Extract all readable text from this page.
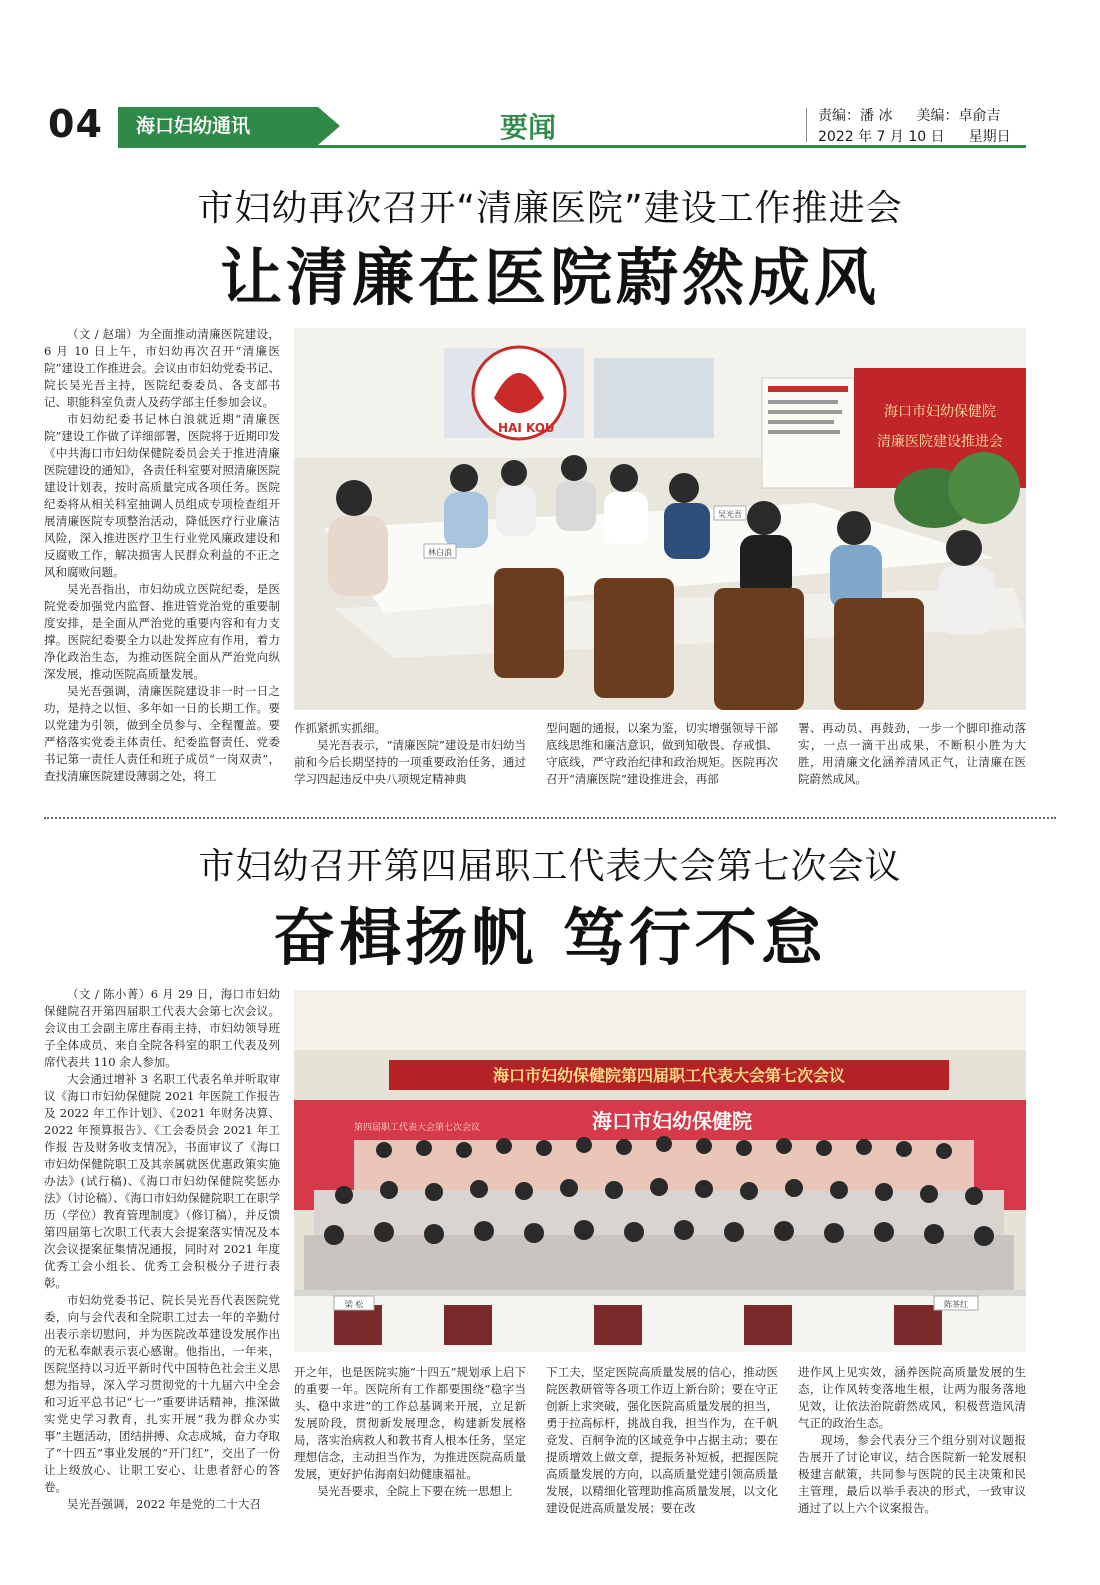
04	海口妇幼通讯	要闻	责编：潘 冰 美编：卓俞吉
2022 年 7 月 10 日 星期日
市妇幼再次召开“清廉医院”建设工作推进会
让清廉在医院蔚然成风

（文 / 赵瑞）为全面推动清廉医院建设，6 月 10 日上午，市妇幼再次召开“清廉医院”建设工作推进会。会议由市妇幼党委书记、院长吴光吾主持，医院纪委委员、各支部书记、职能科室负责人及药学部主任参加会议。

市妇幼纪委书记林白浪就近期“清廉医院”建设工作做了详细部署，医院将于近期印发《中共海口市妇幼保健院委员会关于推进清廉医院建设的通知》，各责任科室要对照清廉医院建设计划表，按时高质量完成各项任务。医院纪委将从相关科室抽调人员组成专项检查组开展清廉医院专项整治活动，降低医疗行业廉洁风险，深入推进医疗卫生行业党风廉政建设和反腐败工作，解决损害人民群众利益的不正之风和腐败问题。

吴光吾指出，市妇幼成立医院纪委，是医院党委加强党内监督、推进管党治党的重要制度安排，是全面从严治党的重要内容和有力支撑。医院纪委要全力以赴发挥应有作用，着力净化政治生态，为推动医院全面从严治党向纵深发展，推动医院高质量发展。

吴光吾强调，清廉医院建设非一时一日之功，是持之以恒、多年如一日的长期工作。要以党建为引领，做到全员参与、全程覆盖。要严格落实党委主体责任、纪委监督责任、党委书记第一责任人责任和班子成员“一岗双责”，查找清廉医院建设薄弱之处，将工

HAI KOU
海口市妇幼保健院
清廉医院建设推进会
林白浪
吴光吾

作抓紧抓实抓细。

吴光吾表示，“清廉医院”建设是市妇幼当前和今后长期坚持的一项重要政治任务，通过学习四起违反中央八项规定精神典

型问题的通报，以案为鉴，切实增强领导干部底线思维和廉洁意识，做到知敬畏、存戒惧、守底线，严守政治纪律和政治规矩。医院再次召开“清廉医院”建设推进会，再部

署、再动员、再鼓劲，一步一个脚印推动落实，一点一滴干出成果，不断积小胜为大胜，用清廉文化涵养清风正气，让清廉在医院蔚然成风。

市妇幼召开第四届职工代表大会第七次会议
奋楫扬帆 笃行不怠

（文 / 陈小菁）6 月 29 日，海口市妇幼保健院召开第四届职工代表大会第七次会议。会议由工会副主席庄春雨主持，市妇幼领导班子全体成员、来自全院各科室的职工代表及列席代表共 110 余人参加。

大会通过增补 3 名职工代表名单并听取审议《海口市妇幼保健院 2021 年医院工作报告及 2022 年工作计划》、《2021 年财务决算、2022 年预算报告》、《工会委员会 2021 年工作报 告及财务收支情况》，书面审议了《海口市妇幼保健院职工及其亲属就医优惠政策实施办法》(试行稿)、《海口市妇幼保健院奖惩办法》（讨论稿）、《海口市妇幼保健院职工在职学历（学位）教育管理制度》（修订稿），并反馈第四届第七次职工代表大会提案落实情况及本次会议提案征集情况通报，同时对 2021 年度优秀工会小组长、优秀工会积极分子进行表彰。

市妇幼党委书记、院长吴光吾代表医院党委，向与会代表和全院职工过去一年的辛勤付出表示亲切慰问，并为医院改革建设发展作出的无私奉献表示衷心感谢。他指出，一年来，医院坚持以习近平新时代中国特色社会主义思想为指导，深入学习贯彻党的十九届六中全会和习近平总书记“七一”重要讲话精神，推深做实党史学习教育，扎实开展“我为群众办实事”主题活动，团结拼搏、众志成城，奋力夺取了“十四五”事业发展的“开门红”，交出了一份让上级放心、让职工安心、让患者舒心的答卷。

吴光吾强调，2022 年是党的二十大召

海口市妇幼保健院第四届职工代表大会第七次会议
海口市妇幼保健院
第四届职工代表大会第七次会议
梁 松	陈茶红

开之年，也是医院实施“十四五”规划承上启下的重要一年。医院所有工作都要围绕“稳字当头、稳中求进”的工作总基调来开展，立足新发展阶段，贯彻新发展理念，构建新发展格局，落实治病救人和教书育人根本任务，坚定理想信念，主动担当作为，为推进医院高质量发展，更好护佑海南妇幼健康福祉。

吴光吾要求，全院上下要在统一思想上

下工夫，坚定医院高质量发展的信心，推动医院医教研管等各项工作迈上新台阶；要在守正创新上求突破，强化医院高质量发展的担当，勇于拉高标杆，挑战自我，担当作为，在千帆竞发、百舸争流的区域竞争中占据主动；要在提质增效上做文章，提振务补短板，把握医院高质量发展的方向，以高质量党建引领高质量发展，以精细化管理助推高质量发展，以文化建设促进高质量发展；要在改

进作风上见实效，涵养医院高质量发展的生态，让作风转变落地生根，让两为服务落地见效，让依法治院蔚然成风，积极营造风清气正的政治生态。

现场，参会代表分三个组分别对议题报告展开了讨论审议，结合医院新一轮发展积极建言献策，共同参与医院的民主决策和民主管理，最后以举手表决的形式，一致审议通过了以上六个议案报告。
